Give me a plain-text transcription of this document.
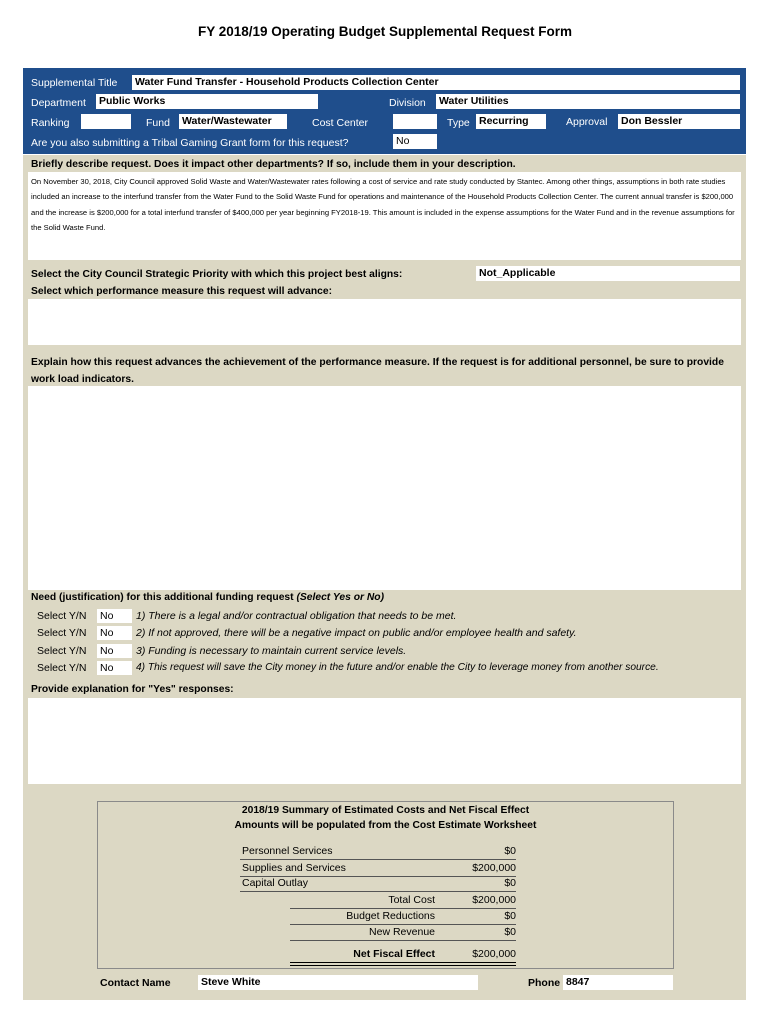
FY 2018/19 Operating Budget Supplemental Request Form
Supplemental Title Water Fund Transfer - Household Products Collection Center
Department Public Works	Division Water Utilities
Ranking	Fund Water/Wastewater	Cost Center	Type Recurring	Approval Don Bessler
Are you also submitting a Tribal Gaming Grant form for this request?	No
Briefly describe request. Does it impact other departments? If so, include them in your description.
On November 30, 2018, City Council approved Solid Waste and Water/Wastewater rates following a cost of service and rate study conducted by Stantec. Among other things, assumptions in both rate studies included an increase to the interfund transfer from the Water Fund to the Solid Waste Fund for operations and maintenance of the Household Products Collection Center. The current annual transfer is $200,000 and the increase is $200,000 for a total interfund transfer of $400,000 per year beginning FY2018-19. This amount is included in the expense assumptions for the Water Fund and in the revenue assumptions for the Solid Waste Fund.
Select the City Council Strategic Priority with which this project best aligns:	Not_Applicable
Select which performance measure this request will advance:
Explain how this request advances the achievement of the performance measure. If the request is for additional personnel, be sure to provide work load indicators.
Need (justification) for this additional funding request (Select Yes or No)
Select Y/N No	1) There is a legal and/or contractual obligation that needs to be met.
Select Y/N No	2) If not approved, there will be a negative impact on public and/or employee health and safety.
Select Y/N No	3) Funding is necessary to maintain current service levels.
Select Y/N No	4) This request will save the City money in the future and/or enable the City to leverage money from another source.
Provide explanation for "Yes" responses:
2018/19 Summary of Estimated Costs and Net Fiscal Effect
Amounts will be populated from the Cost Estimate Worksheet
Personnel Services	$0
Supplies and Services	$200,000
Capital Outlay	$0
Total Cost	$200,000
Budget Reductions	$0
New Revenue	$0
Net Fiscal Effect	$200,000
Contact Name	Steve White	Phone 8847
